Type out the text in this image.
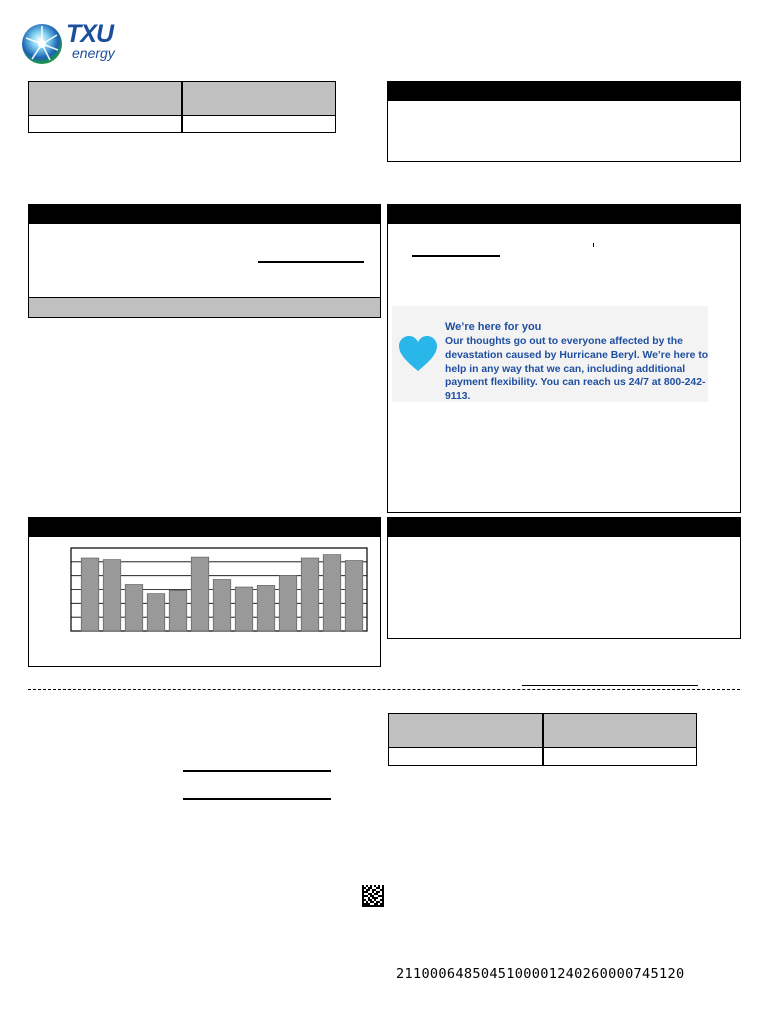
TXU
energy
We’re here for you
Our thoughts go out to everyone affected by the devastation caused by Hurricane Beryl. We’re here to help in any way that we can, including additional payment flexibility. You can reach us 24/7 at 800-242-9113.
2110006485045100001240260000745120
